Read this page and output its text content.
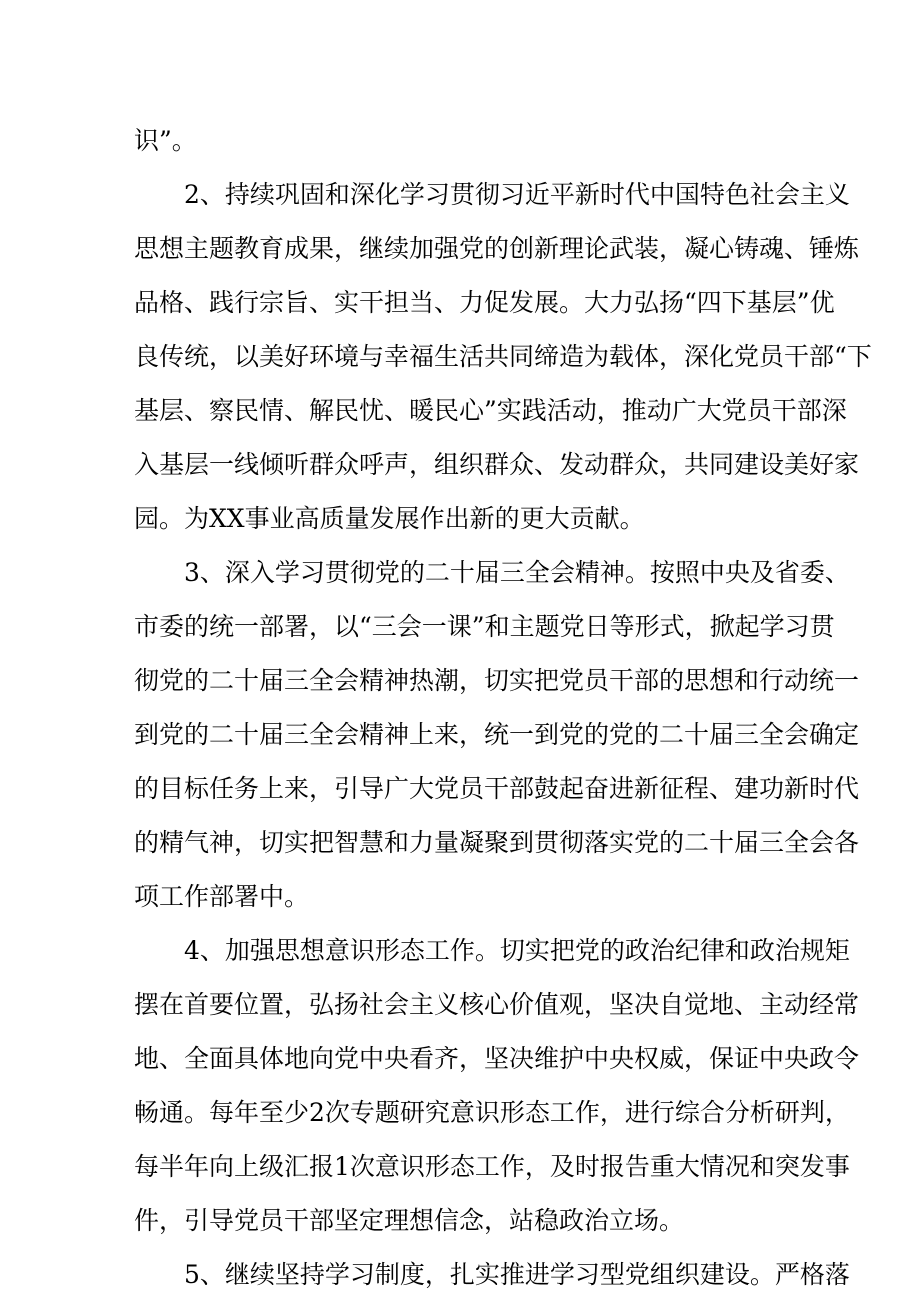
识”。
2、持续巩固和深化学习贯彻习近平新时代中国特色社会主义
思想主题教育成果，继续加强党的创新理论武装，凝心铸魂、锤炼
品格、践行宗旨、实干担当、力促发展。大力弘扬“四下基层”优
良传统，以美好环境与幸福生活共同缔造为载体，深化党员干部“下
基层、察民情、解民忧、暖民心”实践活动，推动广大党员干部深
入基层一线倾听群众呼声，组织群众、发动群众，共同建设美好家
园。为XX事业高质量发展作出新的更大贡献。
3、深入学习贯彻党的二十届三全会精神。按照中央及省委、
市委的统一部署，以“三会一课”和主题党日等形式，掀起学习贯
彻党的二十届三全会精神热潮，切实把党员干部的思想和行动统一
到党的二十届三全会精神上来，统一到党的党的二十届三全会确定
的目标任务上来，引导广大党员干部鼓起奋进新征程、建功新时代
的精气神，切实把智慧和力量凝聚到贯彻落实党的二十届三全会各
项工作部署中。
4、加强思想意识形态工作。切实把党的政治纪律和政治规矩
摆在首要位置，弘扬社会主义核心价值观，坚决自觉地、主动经常
地、全面具体地向党中央看齐，坚决维护中央权威，保证中央政令
畅通。每年至少2次专题研究意识形态工作，进行综合分析研判，
每半年向上级汇报1次意识形态工作，及时报告重大情况和突发事
件，引导党员干部坚定理想信念，站稳政治立场。
5、继续坚持学习制度，扎实推进学习型党组织建设。严格落
